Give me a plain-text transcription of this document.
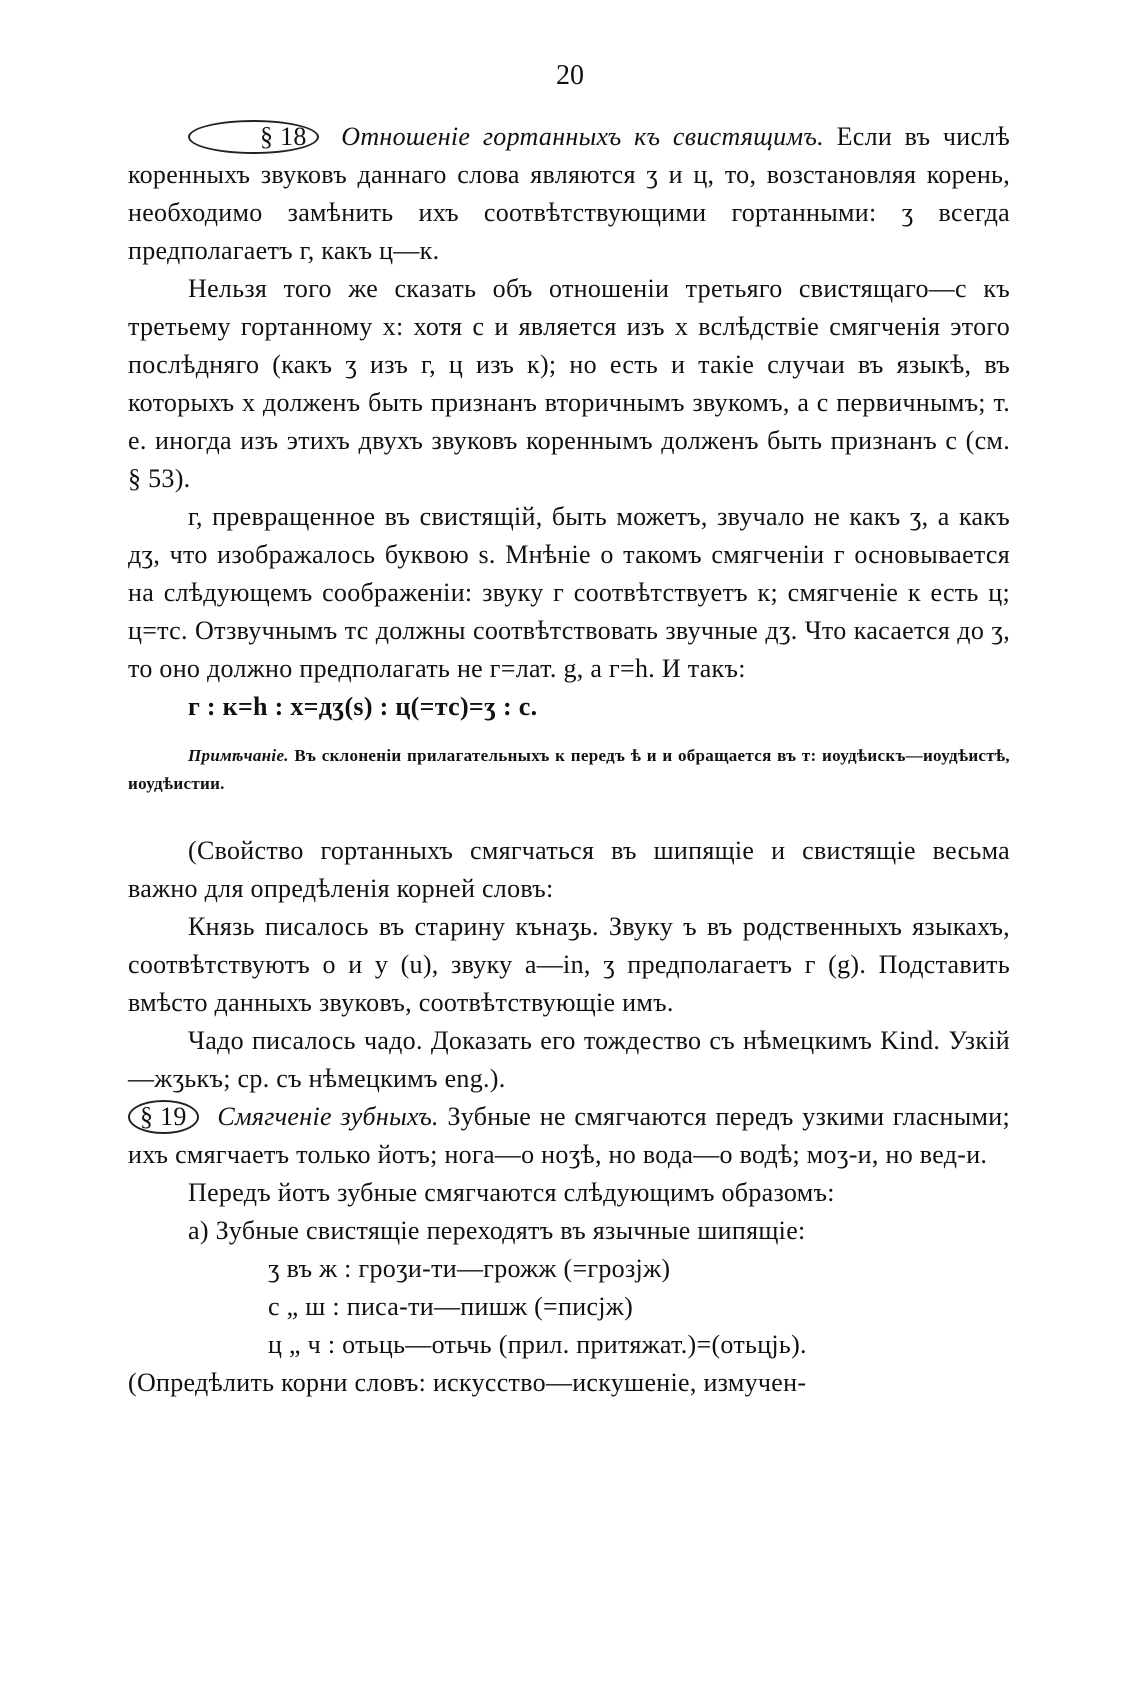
20

§ 18 Отношенiе гортанныхъ къ свистящимъ. Если въ числѣ коренныхъ звуковъ даннаго слова являются ʒ и ц, то, возстановляя корень, необходимо замѣнить ихъ соотвѣтствующими гортанными: ʒ всегда предполагаетъ г, какъ ц—к.

Нельзя того же сказать объ отношенiи третьяго свистящаго—с къ третьему гортанному х: хотя с и является изъ х вслѣдствiе смягченiя этого послѣдняго (какъ ʒ изъ г, ц изъ к); но есть и такiе случаи въ языкѣ, въ которыхъ х долженъ быть признанъ вторичнымъ звукомъ, а с первичнымъ; т. е. иногда изъ этихъ двухъ звуковъ кореннымъ долженъ быть признанъ с (см. § 53).

г, превращенное въ свистящiй, быть можетъ, звучало не какъ ʒ, а какъ дʒ, что изображалось буквою s. Мнѣнiе о такомъ смягченiи г основывается на слѣдующемъ соображенiи: звуку г соотвѣтствуетъ к; смягченiе к есть ц; ц=тс. Отзвучнымъ тс должны соотвѣтствовать звучные дʒ. Что касается до ʒ, то оно должно предполагать не г=лат. g, а г=h. И такъ:

г : к=h : х=дʒ(s) : ц(=тс)=ʒ : с.

Примѣчанiе. Въ склоненiи прилагательныхъ к передъ ѣ и и обращается въ т: иоудѣискъ—иоудѣистѣ, иоудѣистии.

(Свойство гортанныхъ смягчаться въ шипящiе и свистящiе весьма важно для опредѣленiя корней словъ:

Князь писалось въ старину кънаʒь. Звуку ъ въ родственныхъ языкахъ, соотвѣтствуютъ o и y (u), звуку а—in, ʒ предполагаетъ г (g). Подставить вмѣсто данныхъ звуковъ, соотвѣтствующiе имъ.

Чадо писалось чадо. Доказать его тождество съ нѣмецкимъ Kind. Узкiй—жʒькъ; ср. съ нѣмецкимъ eng.).

§ 19 Смягченiе зубныхъ. Зубные не смягчаются передъ узкими гласными; ихъ смягчаетъ только йотъ; нога—о ноʒѣ, но вода—о водѣ; моʒ-и, но вед-и.

Передъ йотъ зубные смягчаются слѣдующимъ образомъ:

а) Зубные свистящiе переходятъ въ язычные шипящiе:

ʒ въ ж : гроʒи-ти—грожж (=грозjж)

с „ ш : писа-ти—пишж (=писjж)

ц „ ч : отьць—отьчь (прил. притяжат.)=(отьцjь).

(Опредѣлить корни словъ: искусство—искушенiе, измучен-
